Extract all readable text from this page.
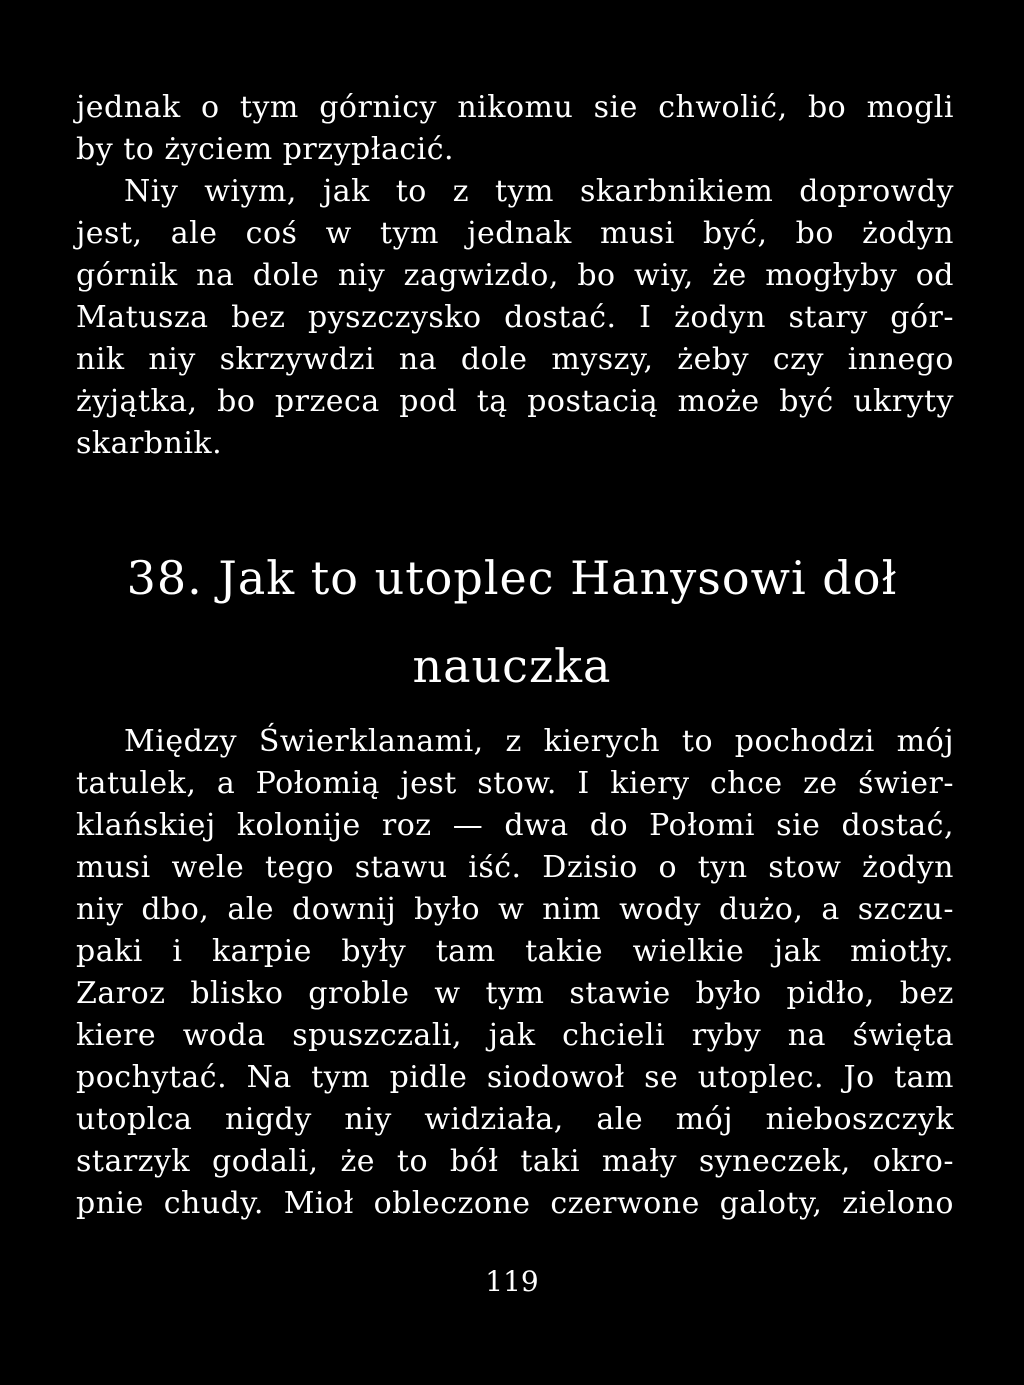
jednak o tym górnicy nikomu sie chwolić, bo mogli
by to życiem przypłacić.
Niy wiym, jak to z tym skarbnikiem doprowdy
jest, ale coś w tym jednak musi być, bo żodyn
górnik na dole niy zagwizdo, bo wiy, że mogłyby od
Matusza bez pyszczysko dostać. I żodyn stary gór-
nik niy skrzywdzi na dole myszy, żeby czy innego
żyjątka, bo przeca pod tą postacią może być ukryty
skarbnik.
38. Jak to utoplec Hanysowi doł
nauczka
Między Świerklanami, z kierych to pochodzi mój
tatulek, a Połomią jest stow. I kiery chce ze świer-
klańskiej kolonije roz — dwa do Połomi sie dostać,
musi wele tego stawu iść. Dzisio o tyn stow żodyn
niy dbo, ale downij było w nim wody dużo, a szczu-
paki i karpie były tam takie wielkie jak miotły.
Zaroz blisko groble w tym stawie było pidło, bez
kiere woda spuszczali, jak chcieli ryby na święta
pochytać. Na tym pidle siodowoł se utoplec. Jo tam
utoplca nigdy niy widziała, ale mój nieboszczyk
starzyk godali, że to bół taki mały syneczek, okro-
pnie chudy. Mioł obleczone czerwone galoty, zielono
119
